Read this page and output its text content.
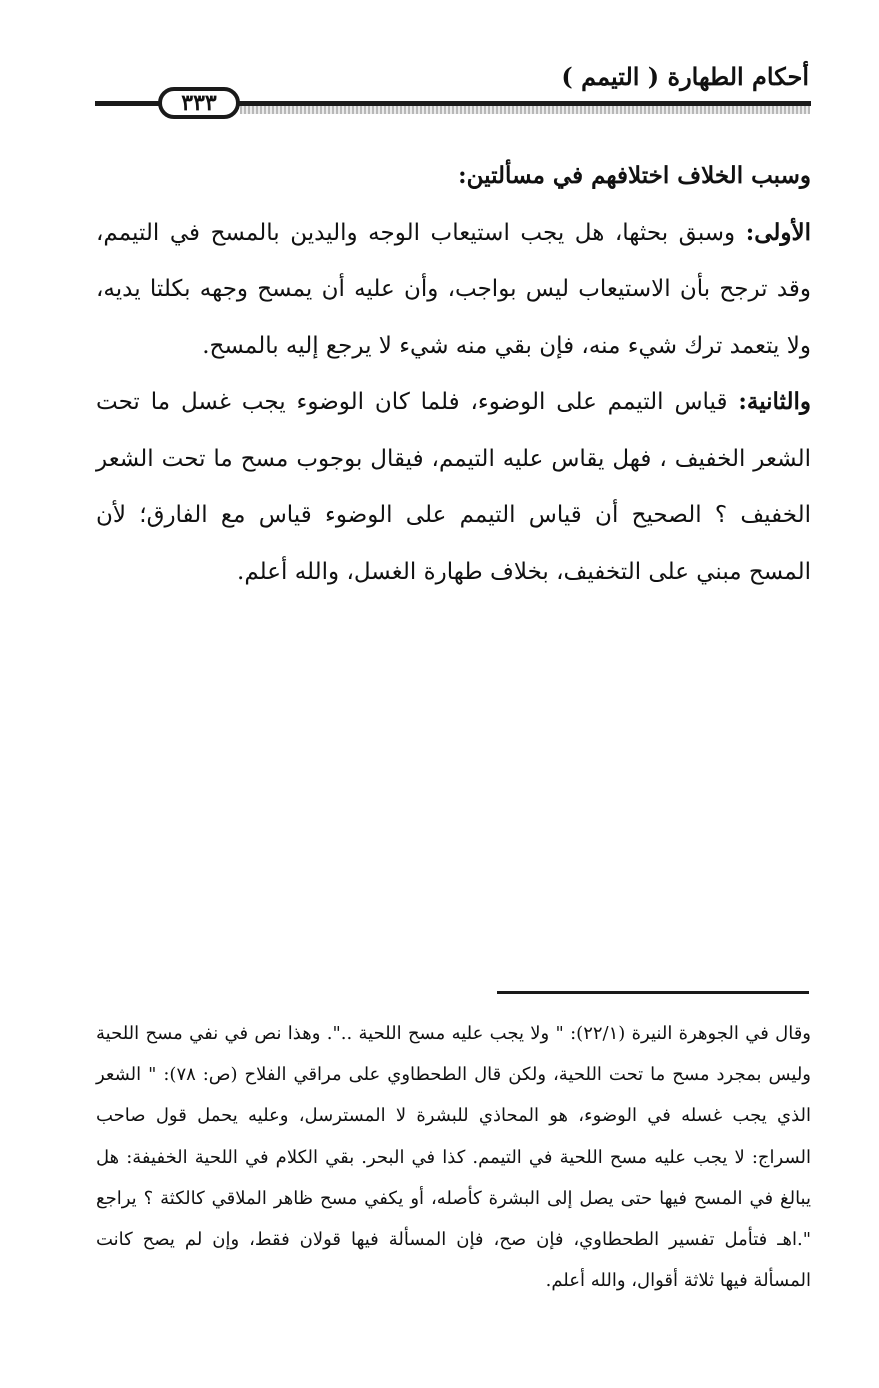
أحكام الطهارة ( التيمم )
٣٣٣

وسبب الخلاف اختلافهم في مسألتين:

الأولى: وسبق بحثها، هل يجب استيعاب الوجه واليدين بالمسح في التيمم، وقد ترجح بأن الاستيعاب ليس بواجب، وأن عليه أن يمسح وجهه بكلتا يديه، ولا يتعمد ترك شيء منه، فإن بقي منه شيء لا يرجع إليه بالمسح.

والثانية: قياس التيمم على الوضوء، فلما كان الوضوء يجب غسل ما تحت الشعر الخفيف ، فهل يقاس عليه التيمم، فيقال بوجوب مسح ما تحت الشعر الخفيف ؟ الصحيح أن قياس التيمم على الوضوء قياس مع الفارق؛ لأن المسح مبني على التخفيف، بخلاف طهارة الغسل، والله أعلم.

وقال في الجوهرة النيرة (٢٢/١): " ولا يجب عليه مسح اللحية ..". وهذا نص في نفي مسح اللحية وليس بمجرد مسح ما تحت اللحية، ولكن قال الطحطاوي على مراقي الفلاح (ص: ٧٨): " الشعر الذي يجب غسله في الوضوء، هو المحاذي للبشرة لا المسترسل، وعليه يحمل قول صاحب السراج: لا يجب عليه مسح اللحية في التيمم. كذا في البحر. بقي الكلام في اللحية الخفيفة: هل يبالغ في المسح فيها حتى يصل إلى البشرة كأصله، أو يكفي مسح ظاهر الملاقي كالكثة ؟ يراجع ".اهـ فتأمل تفسير الطحطاوي، فإن صح، فإن المسألة فيها قولان فقط، وإن لم يصح كانت المسألة فيها ثلاثة أقوال، والله أعلم.
